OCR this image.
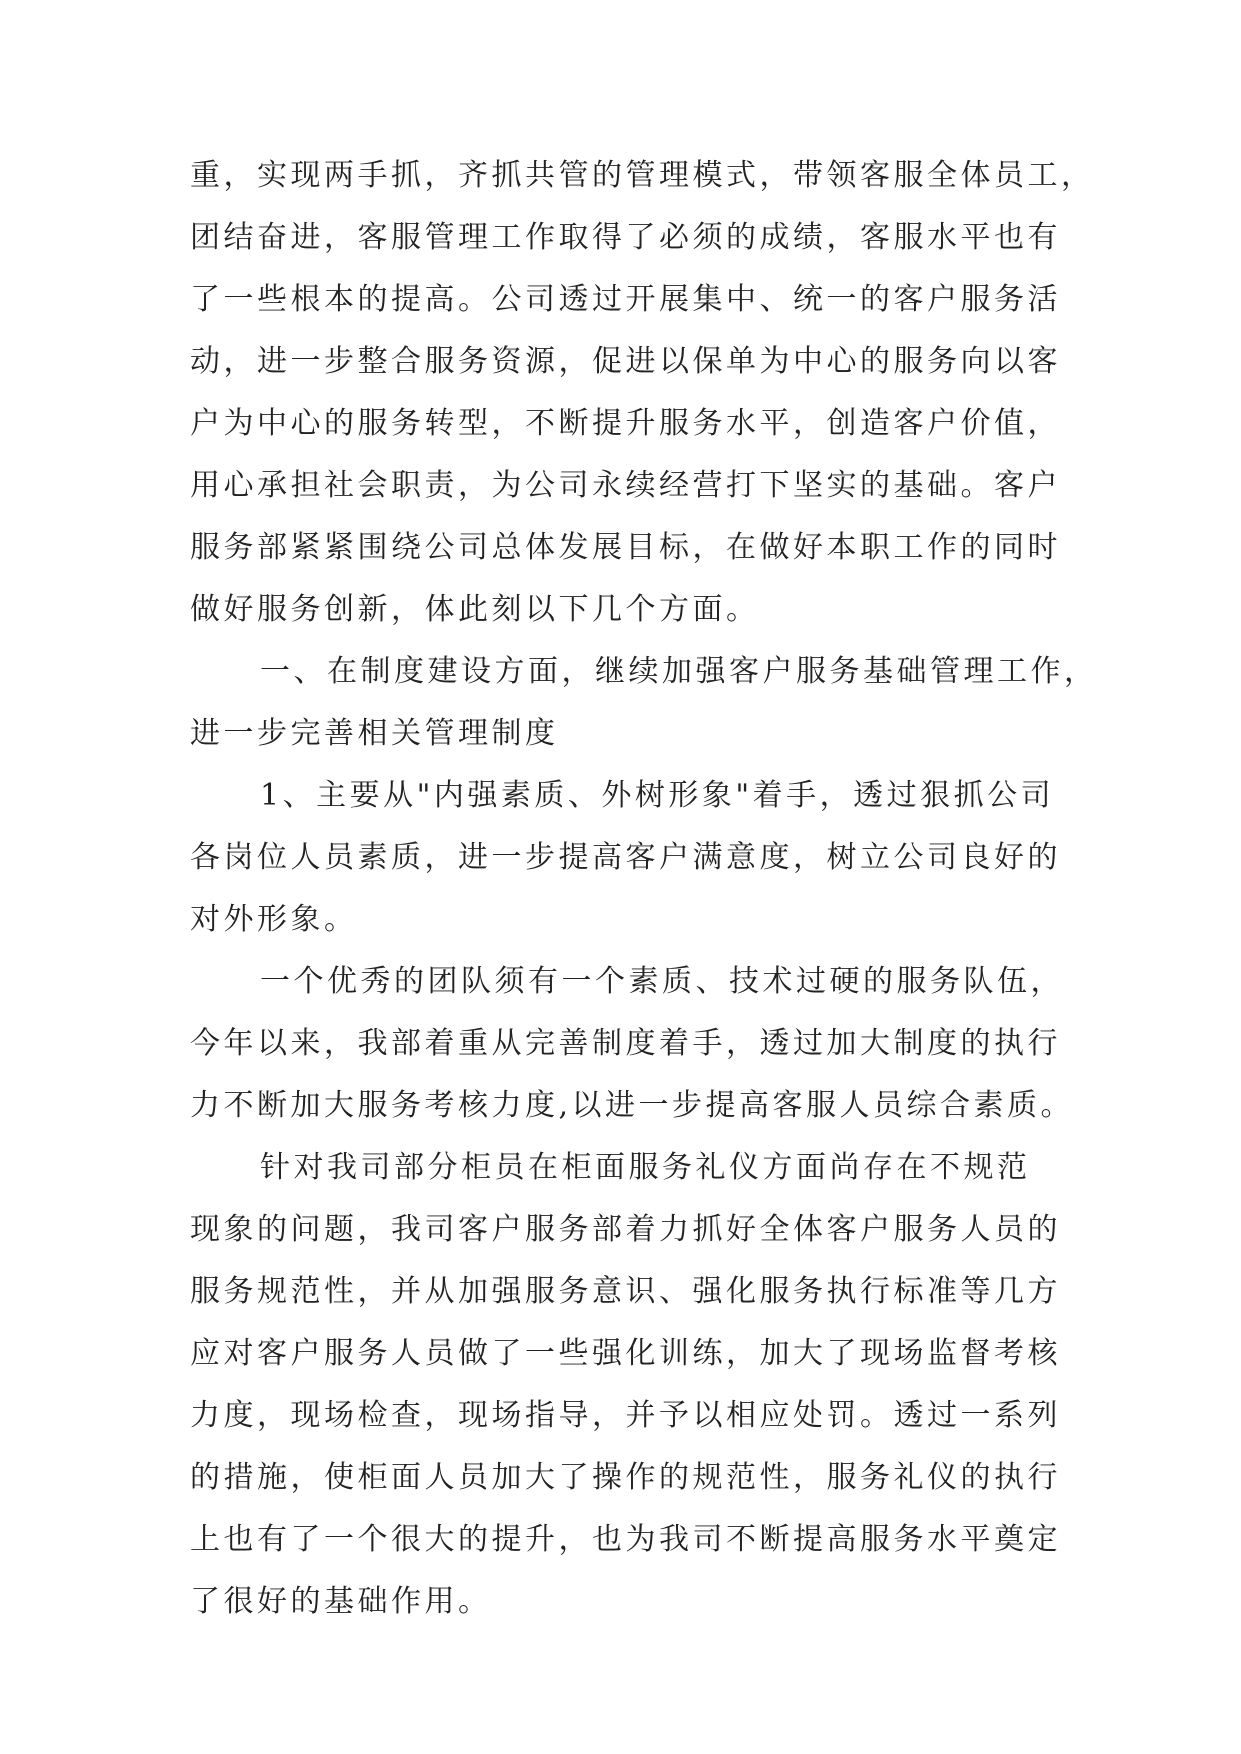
重，实现两手抓，齐抓共管的管理模式，带领客服全体员工，
团结奋进，客服管理工作取得了必须的成绩，客服水平也有
了一些根本的提高。公司透过开展集中、统一的客户服务活
动，进一步整合服务资源，促进以保单为中心的服务向以客
户为中心的服务转型，不断提升服务水平，创造客户价值，
用心承担社会职责，为公司永续经营打下坚实的基础。客户
服务部紧紧围绕公司总体发展目标，在做好本职工作的同时
做好服务创新，体此刻以下几个方面。
一、在制度建设方面，继续加强客户服务基础管理工作，
进一步完善相关管理制度
1、主要从"内强素质、外树形象"着手，透过狠抓公司
各岗位人员素质，进一步提高客户满意度，树立公司良好的
对外形象。
一个优秀的团队须有一个素质、技术过硬的服务队伍，
今年以来，我部着重从完善制度着手，透过加大制度的执行
力不断加大服务考核力度,以进一步提高客服人员综合素质。
针对我司部分柜员在柜面服务礼仪方面尚存在不规范
现象的问题，我司客户服务部着力抓好全体客户服务人员的
服务规范性，并从加强服务意识、强化服务执行标准等几方
应对客户服务人员做了一些强化训练，加大了现场监督考核
力度，现场检查，现场指导，并予以相应处罚。透过一系列
的措施，使柜面人员加大了操作的规范性，服务礼仪的执行
上也有了一个很大的提升，也为我司不断提高服务水平奠定
了很好的基础作用。
